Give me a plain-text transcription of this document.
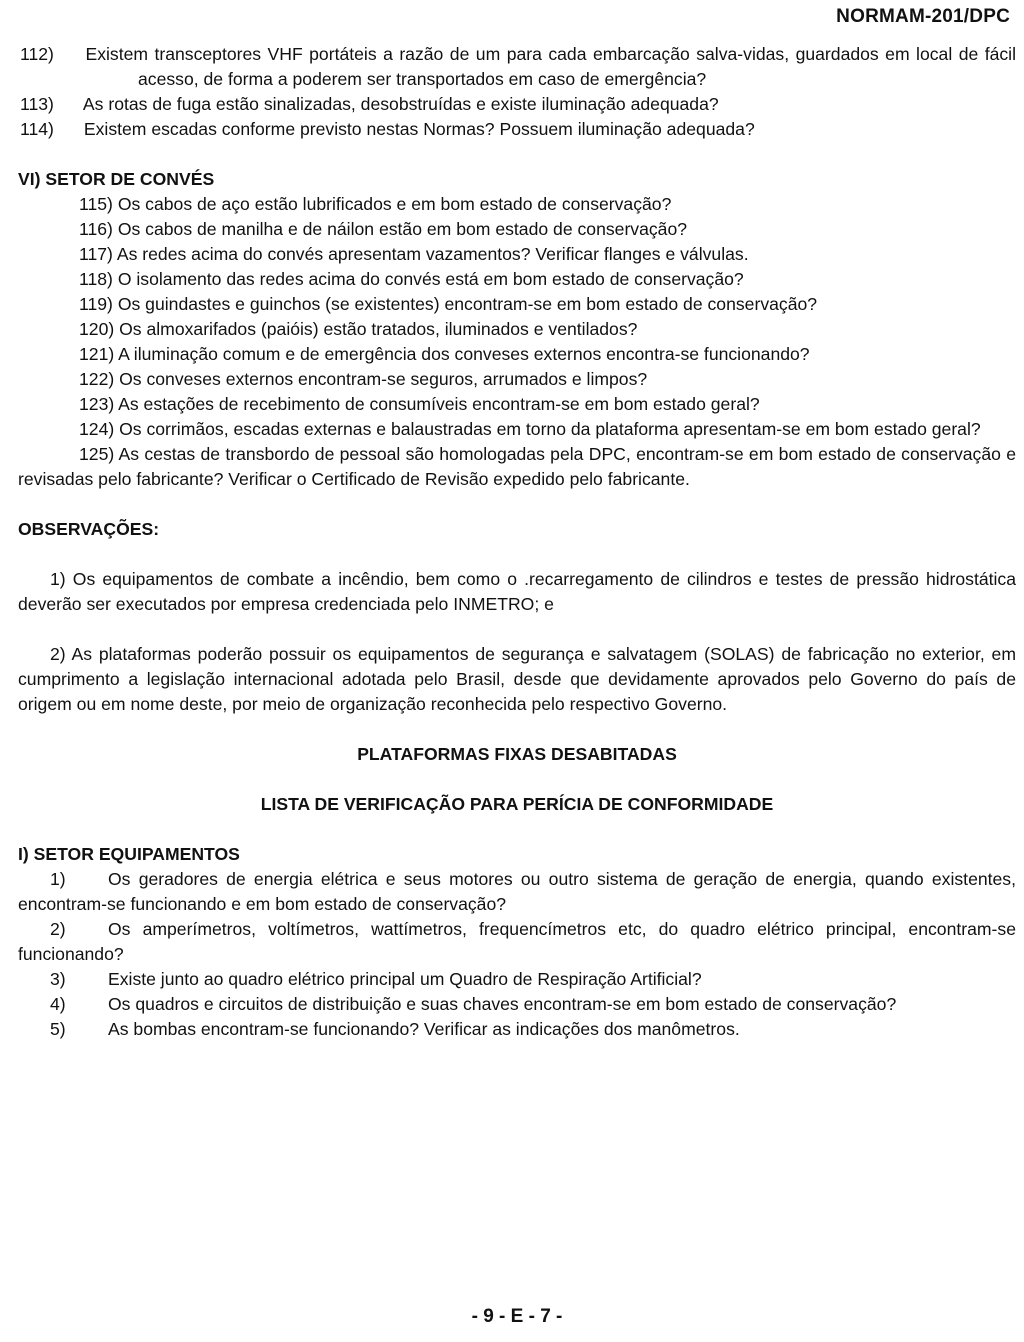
NORMAM-201/DPC
112) Existem transceptores VHF portáteis a razão de um para cada embarcação salva-vidas, guardados em local de fácil acesso, de forma a poderem ser transportados em caso de emergência?
113) As rotas de fuga estão sinalizadas, desobstruídas e existe iluminação adequada?
114) Existem escadas conforme previsto nestas Normas? Possuem iluminação adequada?
VI) SETOR DE CONVÉS
115) Os cabos de aço estão lubrificados e em bom estado de conservação?
116) Os cabos de manilha e de náilon estão em bom estado de conservação?
117) As redes acima do convés apresentam vazamentos? Verificar flanges e válvulas.
118) O isolamento das redes acima do convés está em bom estado de conservação?
119) Os guindastes e guinchos (se existentes) encontram-se em bom estado de conservação?
120) Os almoxarifados (paióis) estão tratados, iluminados e ventilados?
121) A iluminação comum e de emergência dos conveses externos encontra-se funcionando?
122) Os conveses externos encontram-se seguros, arrumados e limpos?
123) As estações de recebimento de consumíveis encontram-se em bom estado geral?
124) Os corrimãos, escadas externas e balaustradas em torno da plataforma apresentam-se em bom estado geral?
125) As cestas de transbordo de pessoal são homologadas pela DPC, encontram-se em bom estado de conservação e revisadas pelo fabricante? Verificar o Certificado de Revisão expedido pelo fabricante.
OBSERVAÇÕES:
1) Os equipamentos de combate a incêndio, bem como o .recarregamento de cilindros e testes de pressão hidrostática deverão ser executados por empresa credenciada pelo INMETRO; e
2) As plataformas poderão possuir os equipamentos de segurança e salvatagem (SOLAS) de fabricação no exterior, em cumprimento a legislação internacional adotada pelo Brasil, desde que devidamente aprovados pelo Governo do país de origem ou em nome deste, por meio de organização reconhecida pelo respectivo Governo.
PLATAFORMAS FIXAS DESABITADAS
LISTA DE VERIFICAÇÃO PARA PERÍCIA DE CONFORMIDADE
I) SETOR EQUIPAMENTOS
1) Os geradores de energia elétrica e seus motores ou outro sistema de geração de energia, quando existentes, encontram-se funcionando e em bom estado de conservação?
2) Os amperímetros, voltímetros, wattímetros, frequencímetros etc, do quadro elétrico principal, encontram-se funcionando?
3) Existe junto ao quadro elétrico principal um Quadro de Respiração Artificial?
4) Os quadros e circuitos de distribuição e suas chaves encontram-se em bom estado de conservação?
5) As bombas encontram-se funcionando? Verificar as indicações dos manômetros.
- 9 - E - 7 -
